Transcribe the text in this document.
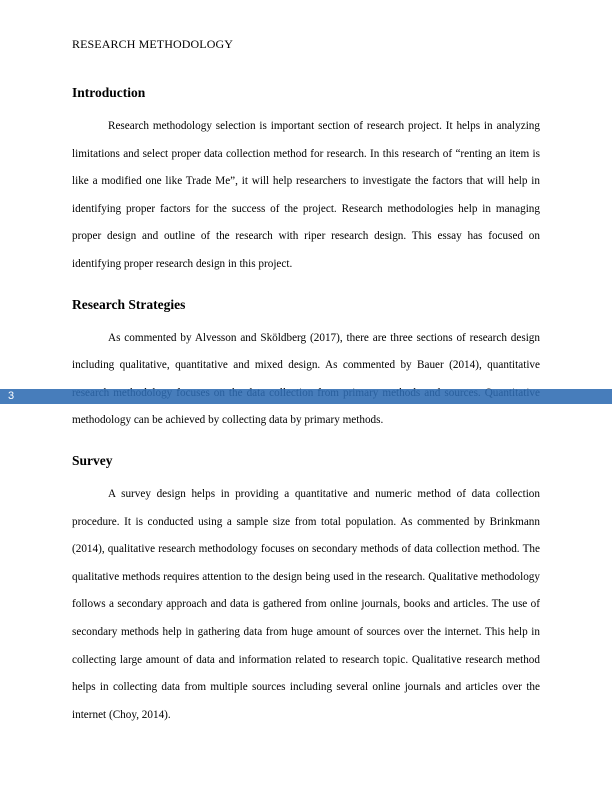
RESEARCH METHODOLOGY
Introduction

Research methodology selection is important section of research project. It helps in analyzing limitations and select proper data collection method for research. In this research of “renting an item is like a modified one like Trade Me”, it will help researchers to investigate the factors that will help in identifying proper factors for the success of the project. Research methodologies help in managing proper design and outline of the research with riper research design. This essay has focused on identifying proper research design in this project.

Research Strategies

As commented by Alvesson and Sköldberg (2017), there are three sections of research design including qualitative, quantitative and mixed design. As commented by Bauer (2014), quantitative methodology can be achieved by collecting data by primary methods.

Survey

A survey design helps in providing a quantitative and numeric method of data collection procedure. It is conducted using a sample size from total population. As commented by Brinkmann (2014), qualitative research methodology focuses on secondary methods of data collection method. The qualitative methods requires attention to the design being used in the research. Qualitative methodology follows a secondary approach and data is gathered from online journals, books and articles. The use of secondary methods help in gathering data from huge amount of sources over the internet. This help in collecting large amount of data and information related to research topic. Qualitative research method helps in collecting data from multiple sources including several online journals and articles over the internet (Choy, 2014).

3
